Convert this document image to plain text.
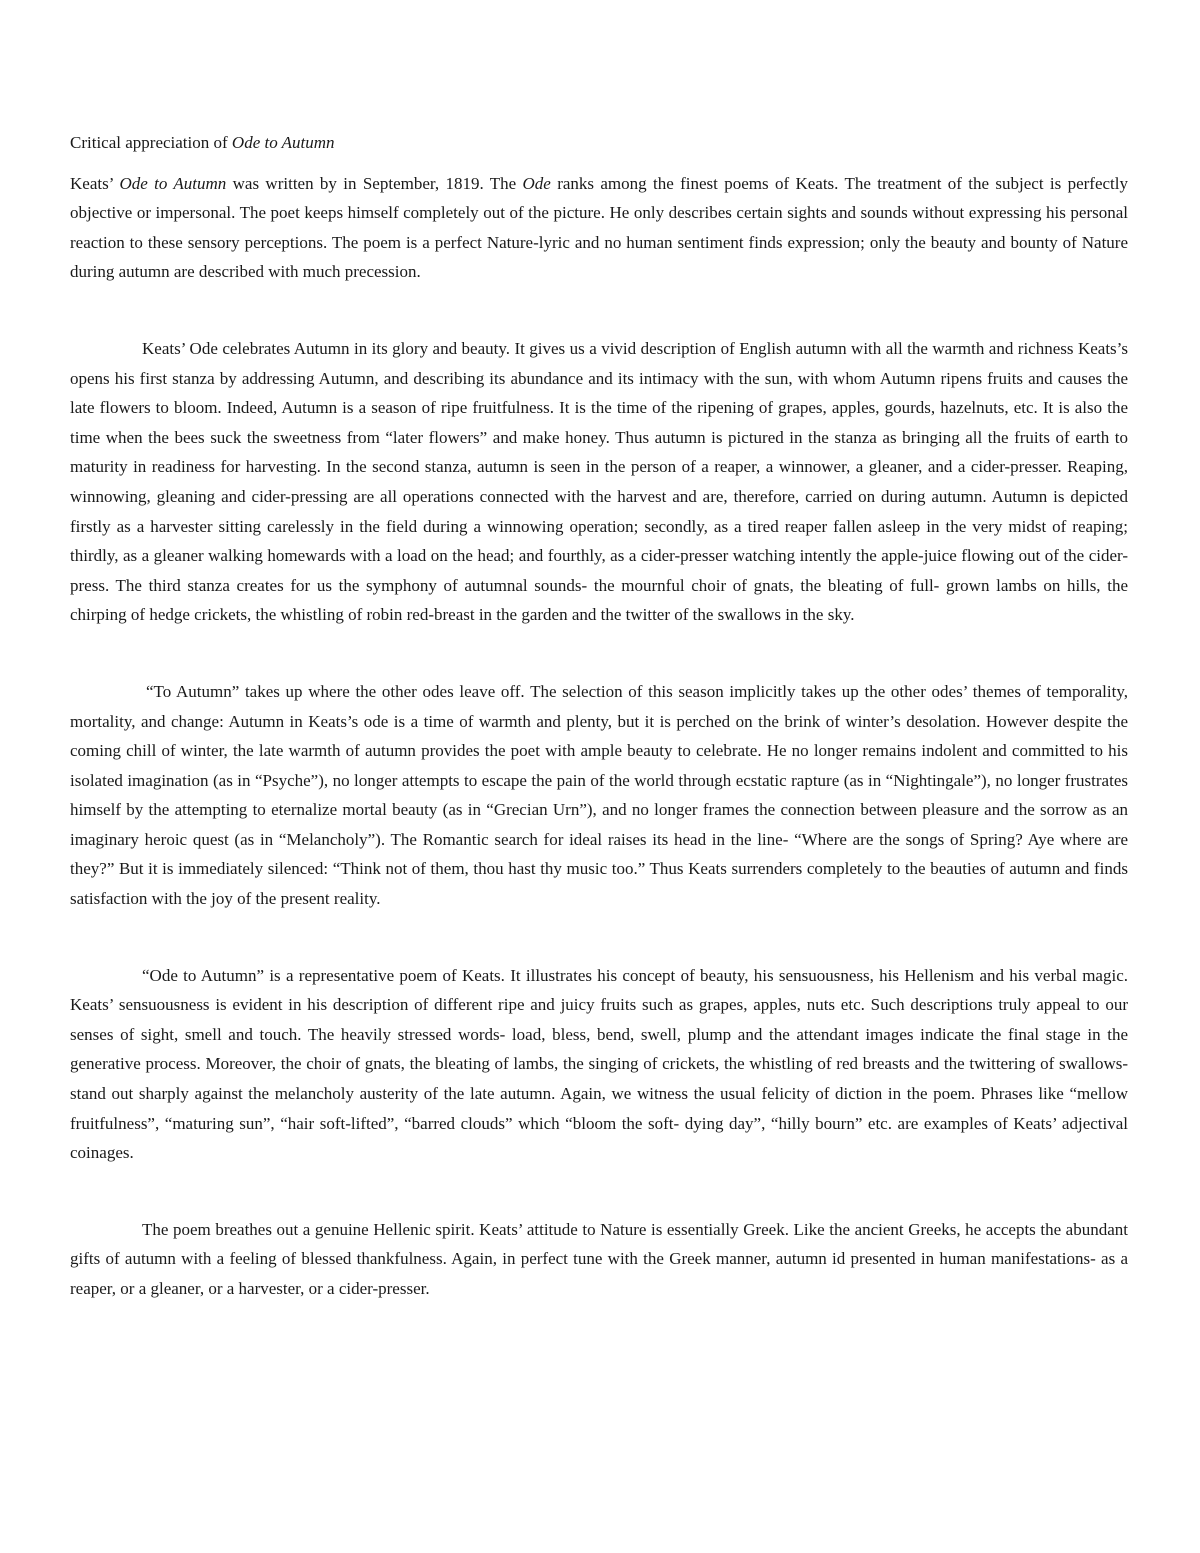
Critical appreciation of Ode to Autumn

Keats’ Ode to Autumn was written by in September, 1819. The Ode ranks among the finest poems of Keats. The treatment of the subject is perfectly objective or impersonal. The poet keeps himself completely out of the picture. He only describes certain sights and sounds without expressing his personal reaction to these sensory perceptions. The poem is a perfect Nature-lyric and no human sentiment finds expression; only the beauty and bounty of Nature during autumn are described with much precession.

Keats’ Ode celebrates Autumn in its glory and beauty. It gives us a vivid description of English autumn with all the warmth and richness Keats’s opens his first stanza by addressing Autumn, and describing its abundance and its intimacy with the sun, with whom Autumn ripens fruits and causes the late flowers to bloom. Indeed, Autumn is a season of ripe fruitfulness. It is the time of the ripening of grapes, apples, gourds, hazelnuts, etc. It is also the time when the bees suck the sweetness from “later flowers” and make honey. Thus autumn is pictured in the stanza as bringing all the fruits of earth to maturity in readiness for harvesting. In the second stanza, autumn is seen in the person of a reaper, a winnower, a gleaner, and a cider-presser. Reaping, winnowing, gleaning and cider-pressing are all operations connected with the harvest and are, therefore, carried on during autumn. Autumn is depicted firstly as a harvester sitting carelessly in the field during a winnowing operation; secondly, as a tired reaper fallen asleep in the very midst of reaping; thirdly, as a gleaner walking homewards with a load on the head; and fourthly, as a cider-presser watching intently the apple-juice flowing out of the cider-press. The third stanza creates for us the symphony of autumnal sounds- the mournful choir of gnats, the bleating of full- grown lambs on hills, the chirping of hedge crickets, the whistling of robin red-breast in the garden and the twitter of the swallows in the sky.

“To Autumn” takes up where the other odes leave off. The selection of this season implicitly takes up the other odes’ themes of temporality, mortality, and change: Autumn in Keats’s ode is a time of warmth and plenty, but it is perched on the brink of winter’s desolation. However despite the coming chill of winter, the late warmth of autumn provides the poet with ample beauty to celebrate. He no longer remains indolent and committed to his isolated imagination (as in “Psyche”), no longer attempts to escape the pain of the world through ecstatic rapture (as in “Nightingale”), no longer frustrates himself by the attempting to eternalize mortal beauty (as in “Grecian Urn”), and no longer frames the connection between pleasure and the sorrow as an imaginary heroic quest (as in “Melancholy”). The Romantic search for ideal raises its head in the line- “Where are the songs of Spring? Aye where are they?” But it is immediately silenced: “Think not of them, thou hast thy music too.” Thus Keats surrenders completely to the beauties of autumn and finds satisfaction with the joy of the present reality.

“Ode to Autumn” is a representative poem of Keats. It illustrates his concept of beauty, his sensuousness, his Hellenism and his verbal magic. Keats’ sensuousness is evident in his description of different ripe and juicy fruits such as grapes, apples, nuts etc. Such descriptions truly appeal to our senses of sight, smell and touch. The heavily stressed words- load, bless, bend, swell, plump and the attendant images indicate the final stage in the generative process. Moreover, the choir of gnats, the bleating of lambs, the singing of crickets, the whistling of red breasts and the twittering of swallows- stand out sharply against the melancholy austerity of the late autumn. Again, we witness the usual felicity of diction in the poem. Phrases like “mellow fruitfulness”, “maturing sun”, “hair soft-lifted”, “barred clouds” which “bloom the soft- dying day”, “hilly bourn” etc. are examples of Keats’ adjectival coinages.

The poem breathes out a genuine Hellenic spirit. Keats’ attitude to Nature is essentially Greek. Like the ancient Greeks, he accepts the abundant gifts of autumn with a feeling of blessed thankfulness. Again, in perfect tune with the Greek manner, autumn id presented in human manifestations- as a reaper, or a gleaner, or a harvester, or a cider-presser.
